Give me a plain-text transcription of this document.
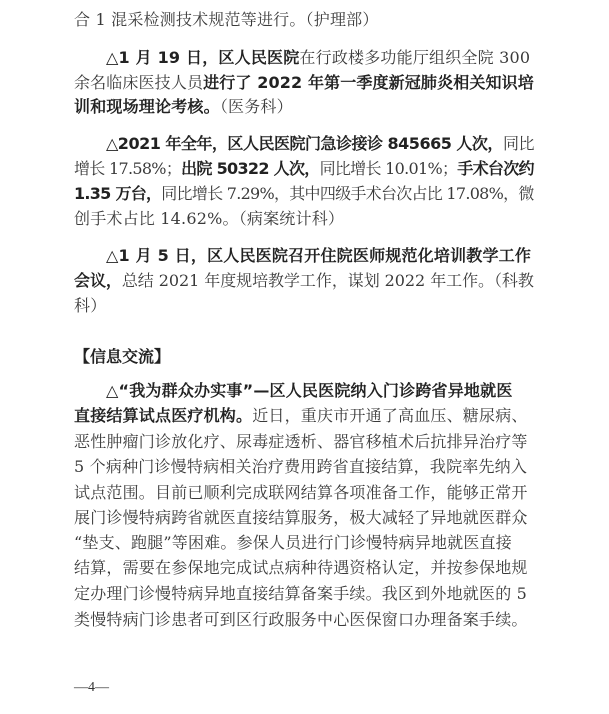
合 1 混采检测技术规范等进行。（护理部）
△1 月 19 日，区人民医院在行政楼多功能厅组织全院 300
余名临床医技人员进行了 2022 年第一季度新冠肺炎相关知识培
训和现场理论考核。（医务科）
△2021 年全年，区人民医院门急诊接诊 845665 人次，同比
增长 17.58%；出院 50322 人次，同比增长 10.01%；手术台次约
1.35 万台，同比增长 7.29%，其中四级手术台次占比 17.08%，微
创手术占比 14.62%。（病案统计科）
△1 月 5 日，区人民医院召开住院医师规范化培训教学工作
会议，总结 2021 年度规培教学工作，谋划 2022 年工作。（科教
科）
【信息交流】
△“我为群众办实事”—区人民医院纳入门诊跨省异地就医
直接结算试点医疗机构。近日，重庆市开通了高血压、糖尿病、
恶性肿瘤门诊放化疗、尿毒症透析、器官移植术后抗排异治疗等
5 个病种门诊慢特病相关治疗费用跨省直接结算，我院率先纳入
试点范围。目前已顺利完成联网结算各项准备工作，能够正常开
展门诊慢特病跨省就医直接结算服务，极大减轻了异地就医群众
“垫支、跑腿”等困难。参保人员进行门诊慢特病异地就医直接
结算，需要在参保地完成试点病种待遇资格认定，并按参保地规
定办理门诊慢特病异地直接结算备案手续。我区到外地就医的 5
类慢特病门诊患者可到区行政服务中心医保窗口办理备案手续。
—4—
